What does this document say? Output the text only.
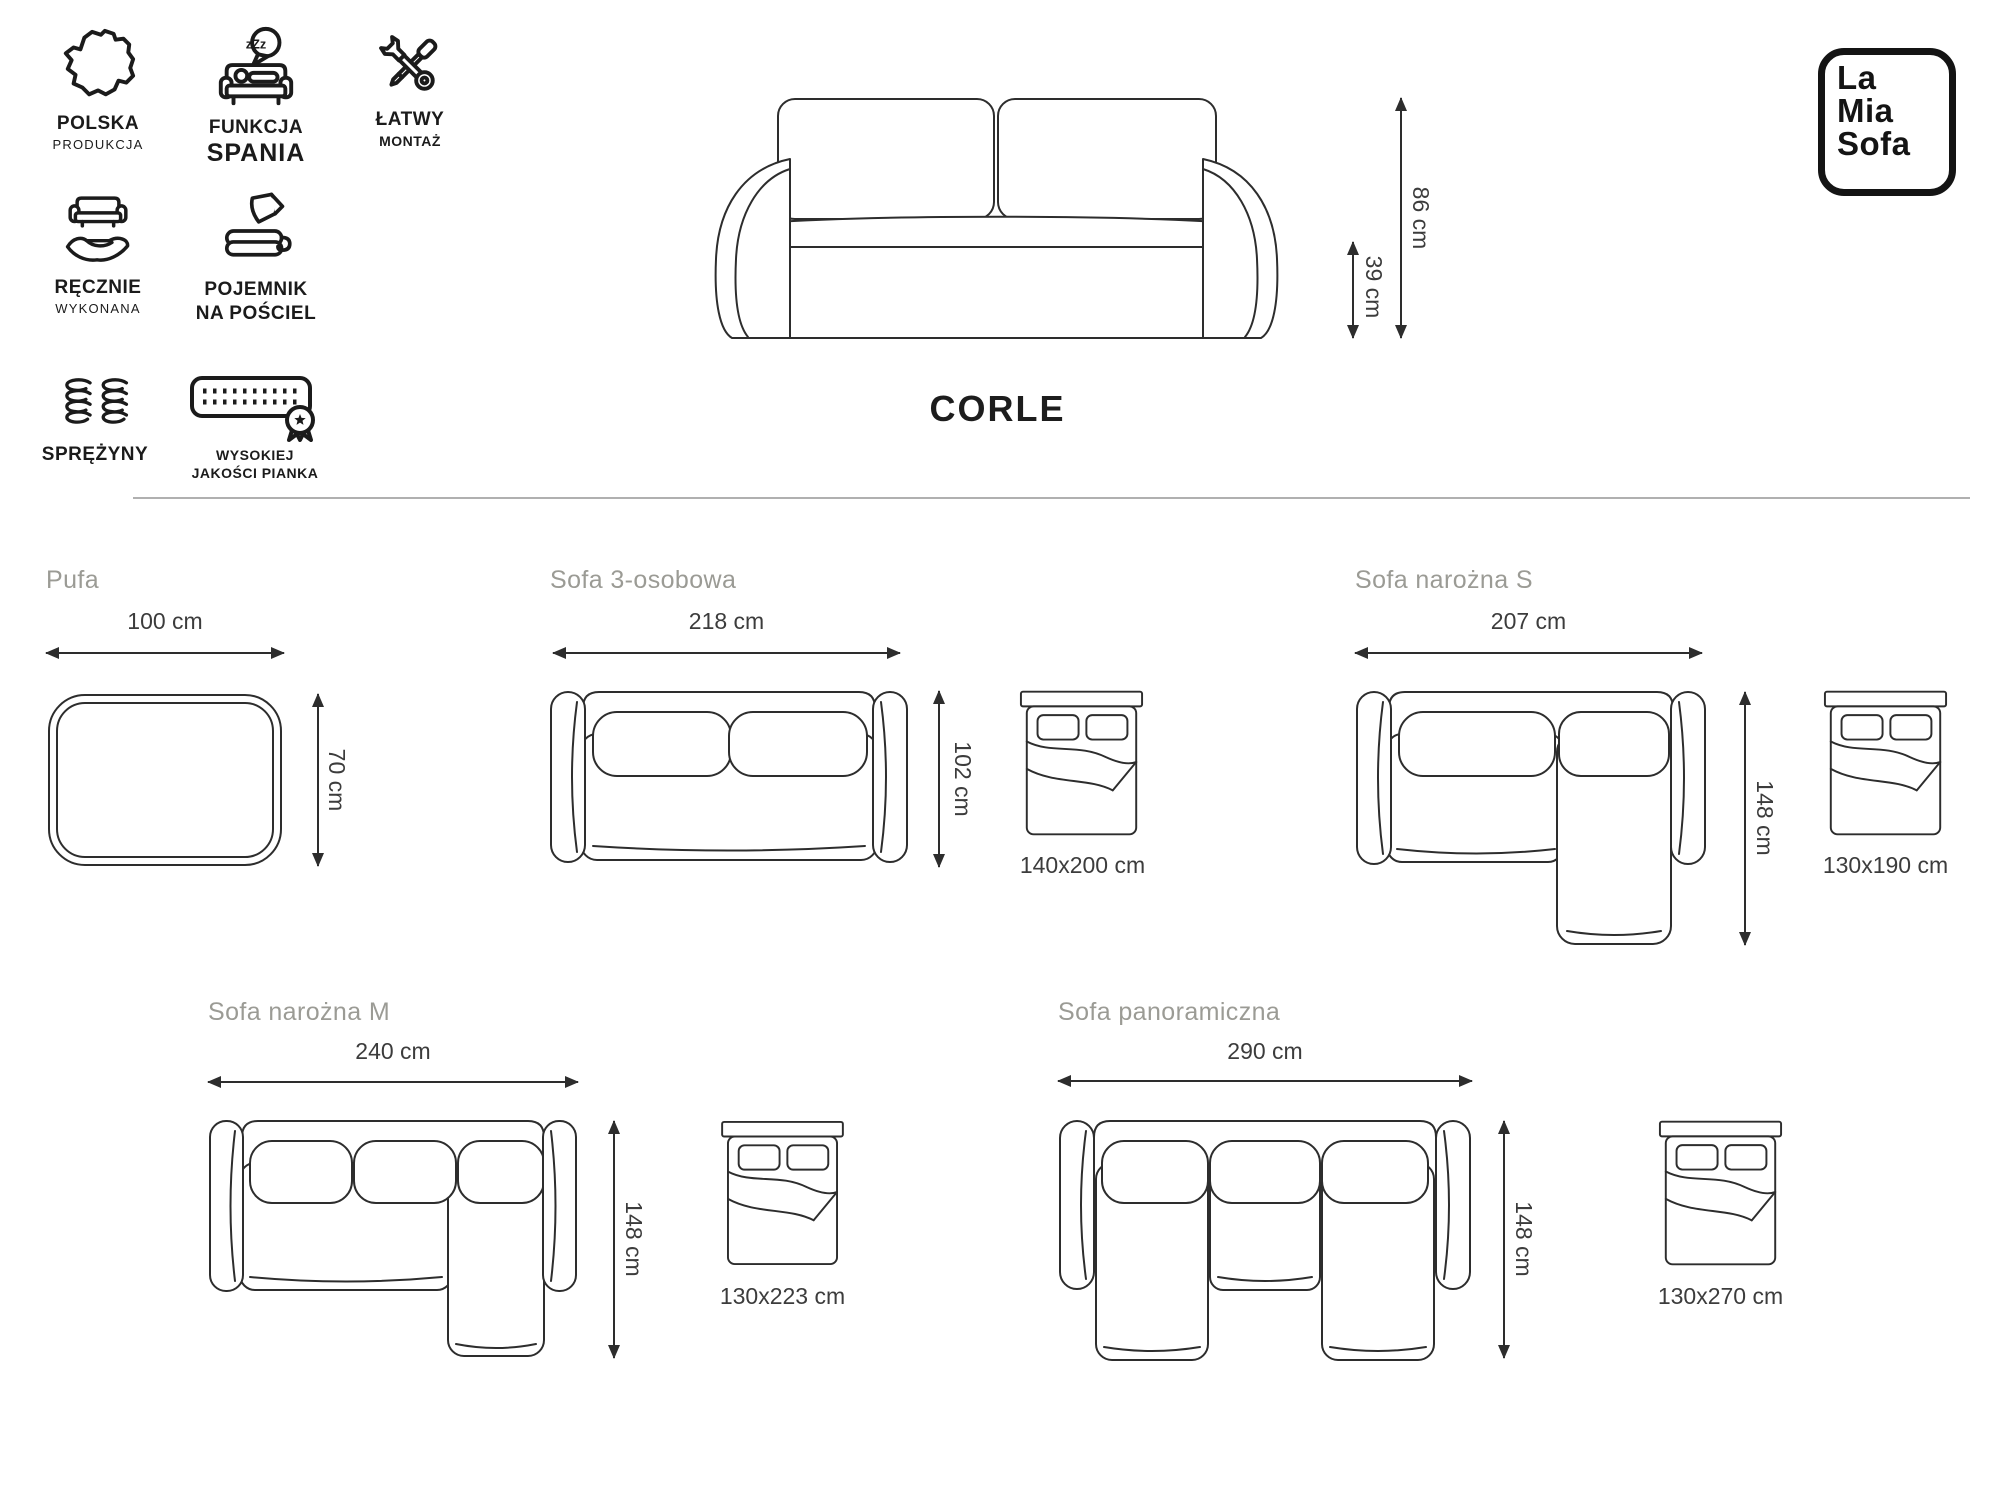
POLSKA
PRODUKCJA
zZz
FUNKCJA
SPANIA
ŁATWY
MONTAŻ
RĘCZNIE
WYKONANA
POJEMNIK
NA POŚCIEL
SPRĘŻYNY	WYSOKIEJ
JAKOŚCI PIANKA
La
Mia
Sofa
39 cm
86 cm
CORLE
Pufa
100 cm
70 cm
Sofa 3-osobowa
218 cm
102 cm
140x200 cm
Sofa narożna S
207 cm
148 cm
130x190 cm
Sofa narożna M
240 cm
148 cm
130x223 cm
Sofa panoramiczna
290 cm
148 cm
130x270 cm
